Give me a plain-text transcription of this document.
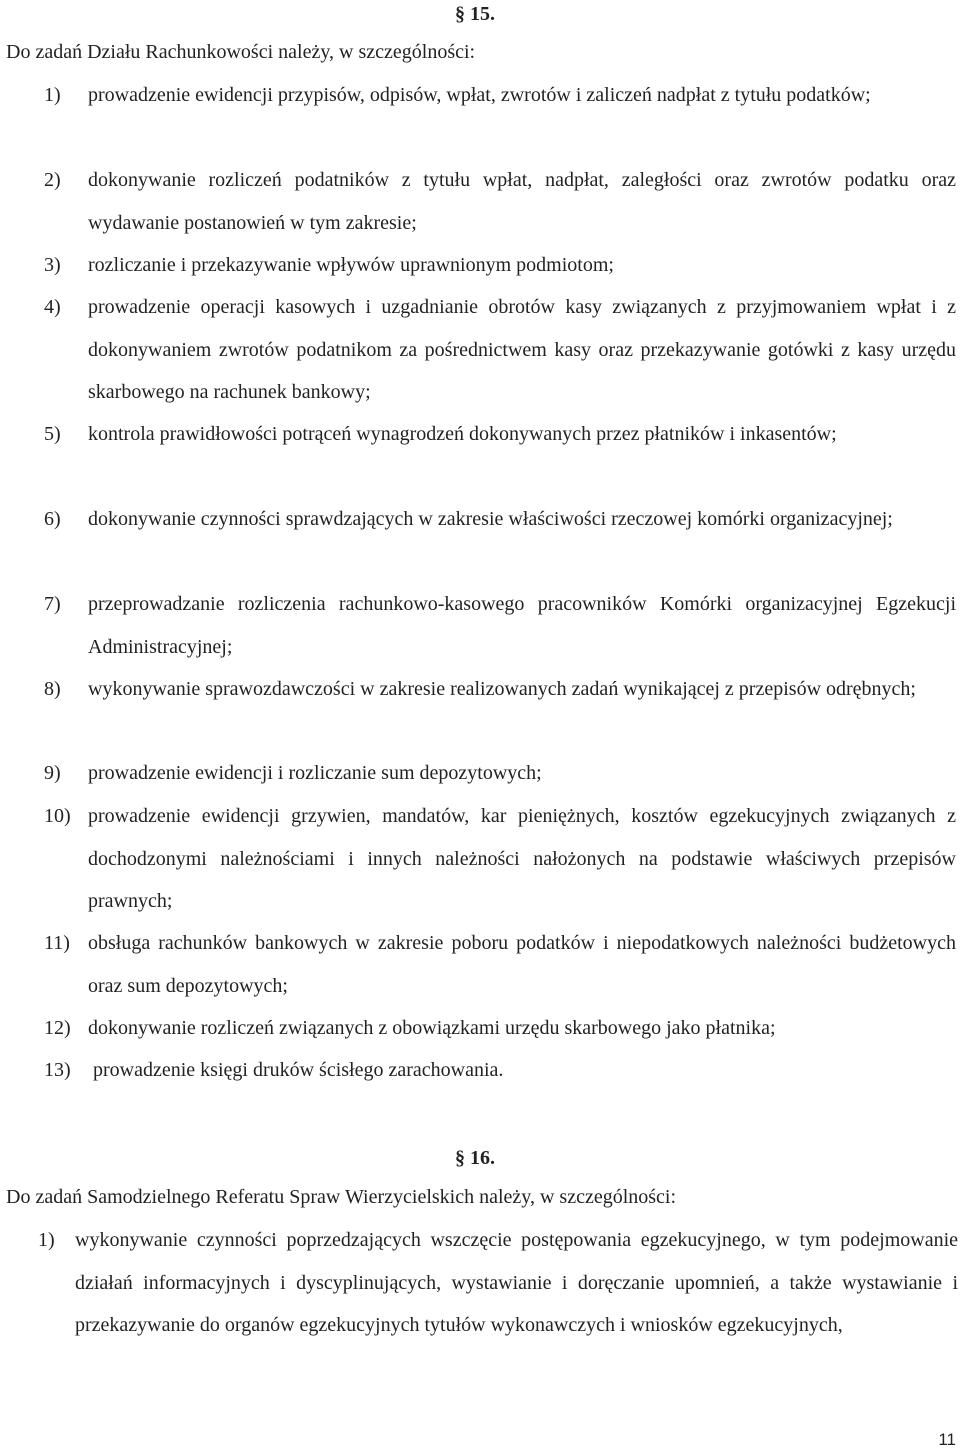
§ 15.
Do zadań Działu Rachunkowości należy, w szczególności:
1)	prowadzenie ewidencji przypisów, odpisów, wpłat, zwrotów i zaliczeń nadpłat z tytułu podatków;
2)	dokonywanie rozliczeń podatników z tytułu wpłat, nadpłat, zaległości oraz zwrotów podatku oraz wydawanie postanowień w tym zakresie;
3)	rozliczanie i przekazywanie wpływów uprawnionym podmiotom;
4)	prowadzenie operacji kasowych i uzgadnianie obrotów kasy związanych z przyjmowaniem wpłat i z dokonywaniem zwrotów podatnikom za pośrednictwem kasy oraz przekazywanie gotówki z kasy urzędu skarbowego na rachunek bankowy;
5)	kontrola prawidłowości potrąceń wynagrodzeń dokonywanych przez płatników i inkasentów;
6)	dokonywanie czynności sprawdzających w zakresie właściwości rzeczowej komórki organizacyjnej;
7)	przeprowadzanie rozliczenia rachunkowo-kasowego pracowników Komórki organizacyjnej Egzekucji Administracyjnej;
8)	wykonywanie sprawozdawczości w zakresie realizowanych zadań wynikającej z przepisów odrębnych;
9)	prowadzenie ewidencji i rozliczanie sum depozytowych;
10) prowadzenie ewidencji grzywien, mandatów, kar pieniężnych, kosztów egzekucyjnych związanych z dochodzonymi należnościami i innych należności nałożonych na podstawie właściwych przepisów prawnych;
11) obsługa rachunków bankowych w zakresie poboru podatków i niepodatkowych należności budżetowych oraz sum depozytowych;
12) dokonywanie rozliczeń związanych z obowiązkami urzędu skarbowego jako płatnika;
13)	prowadzenie księgi druków ścisłego zarachowania.
§ 16.
Do zadań Samodzielnego Referatu Spraw Wierzycielskich należy, w szczególności:
1)	wykonywanie czynności poprzedzających wszczęcie postępowania egzekucyjnego, w tym podejmowanie działań informacyjnych i dyscyplinujących, wystawianie i doręczanie upomnień, a także wystawianie i przekazywanie do organów egzekucyjnych tytułów wykonawczych i wniosków egzekucyjnych,
11
